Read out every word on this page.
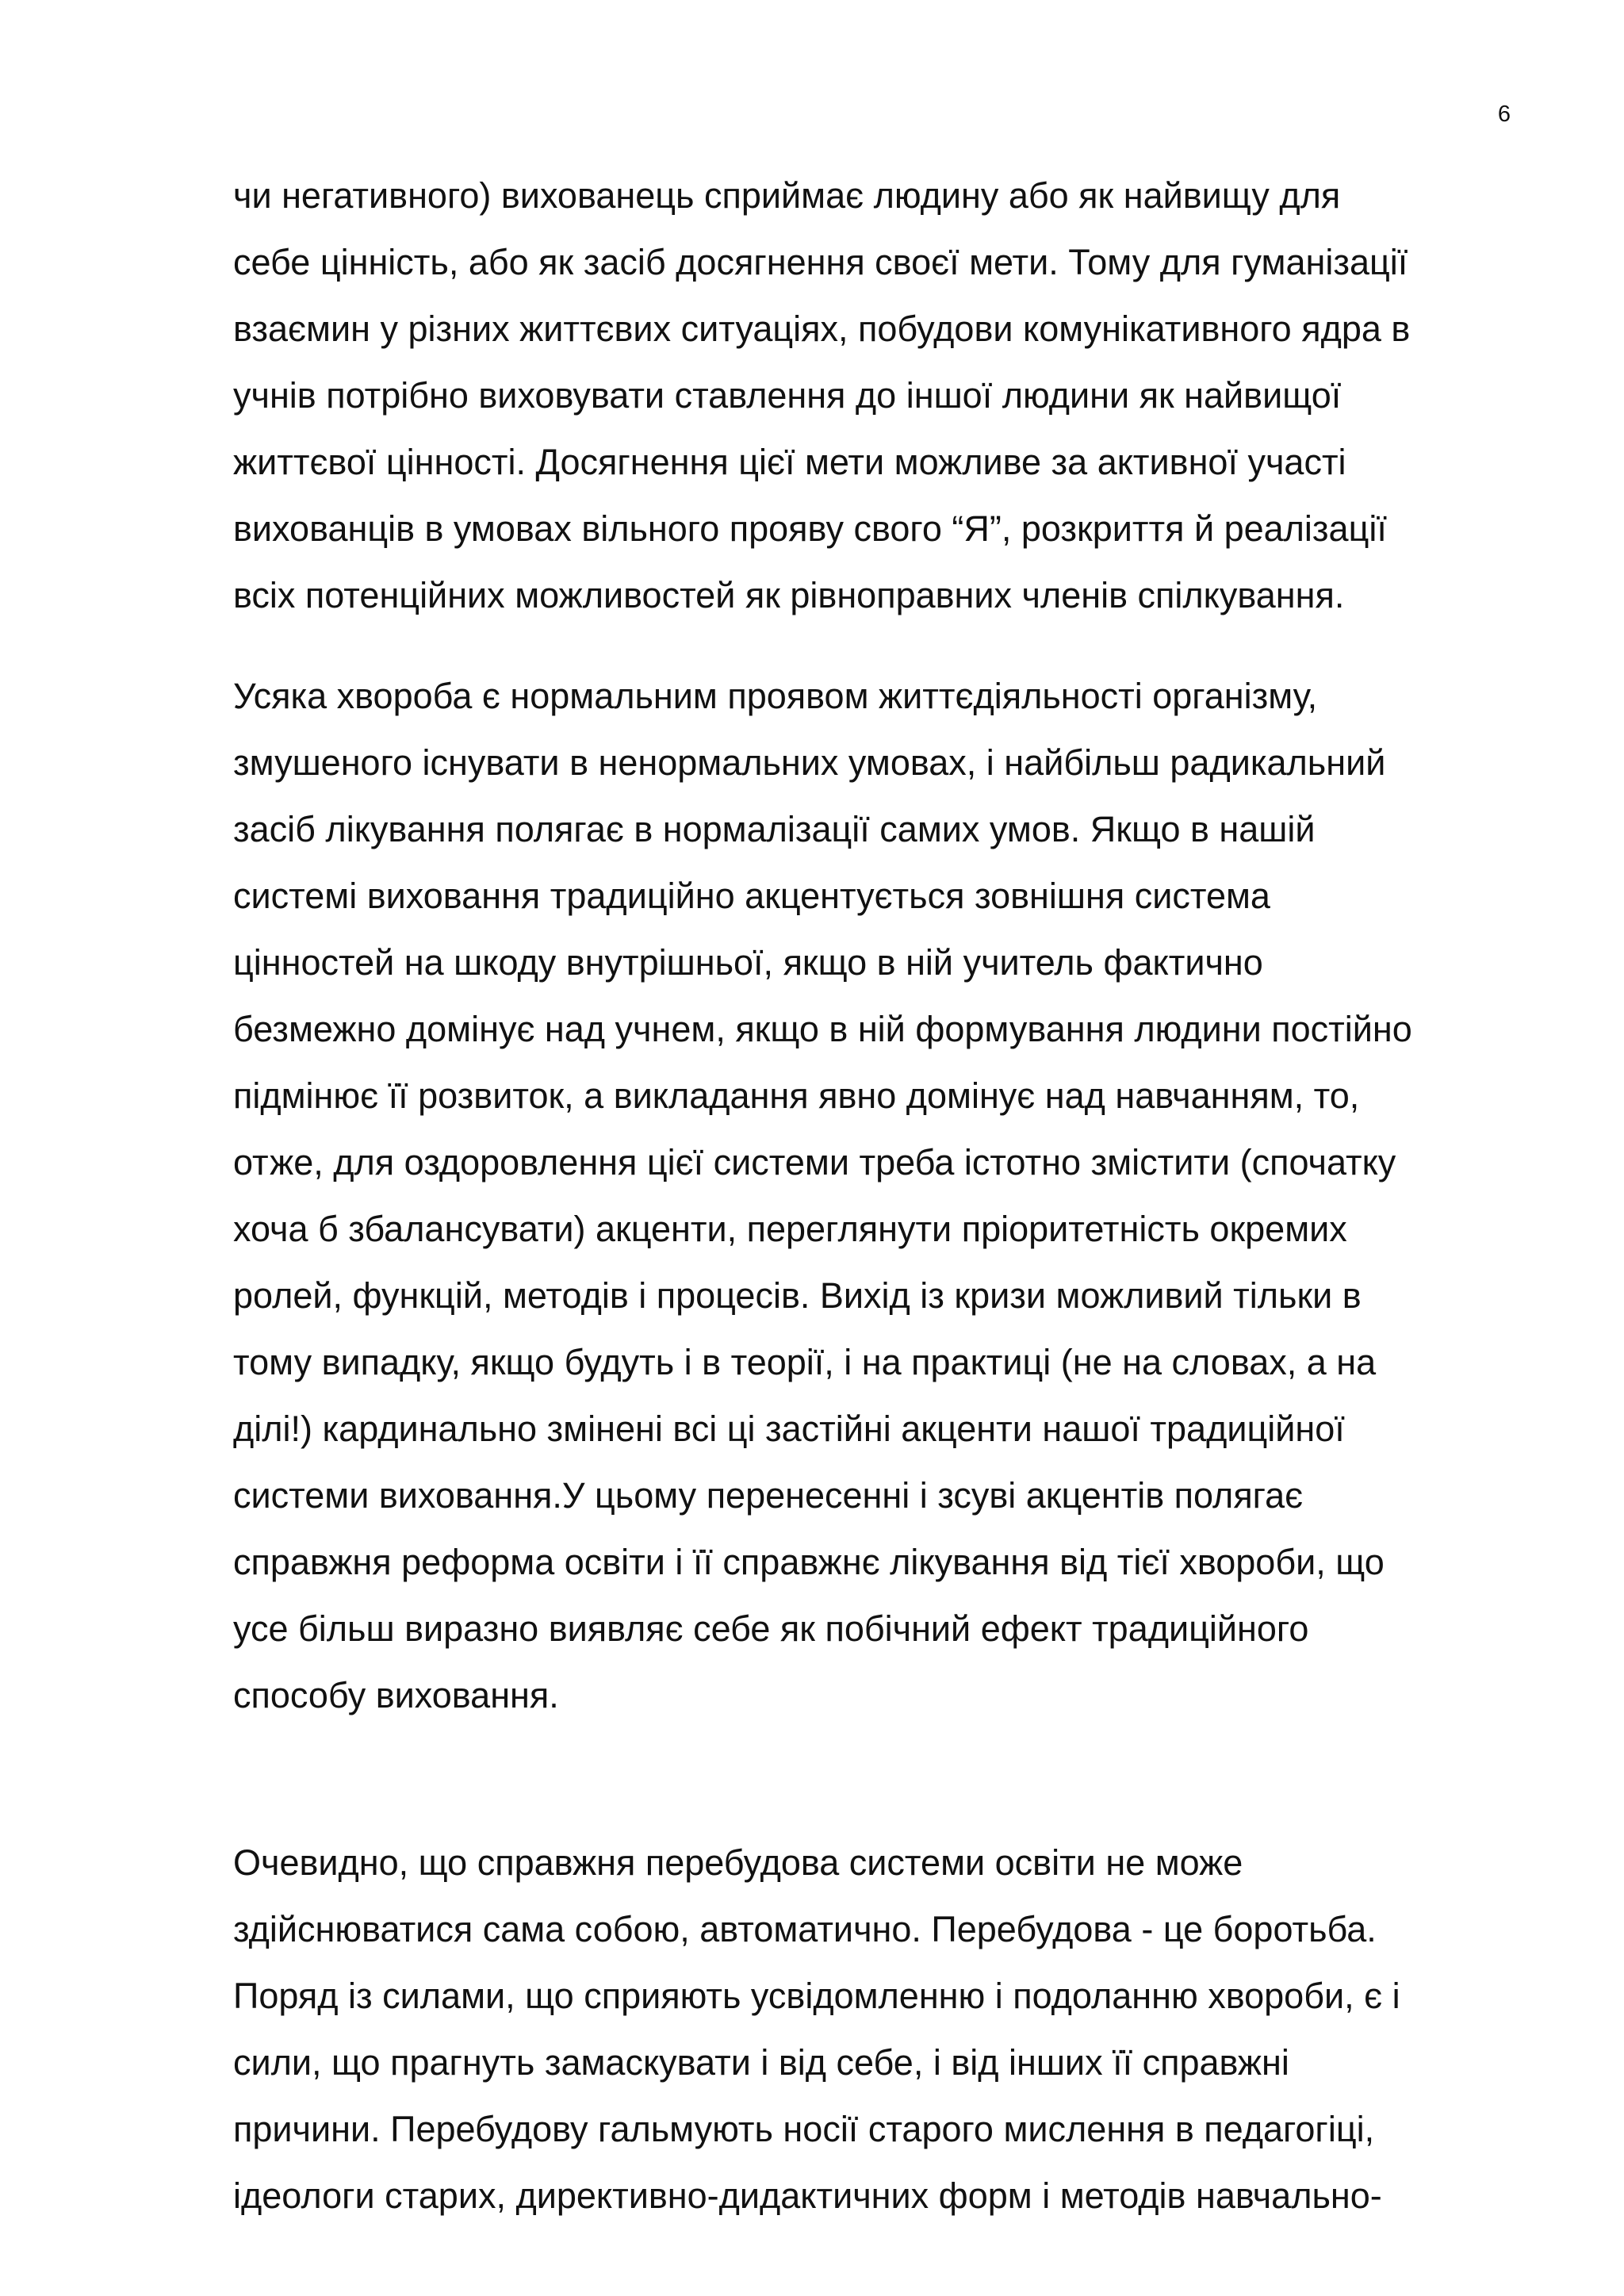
6
чи негативного) вихованець сприймає людину або як найвищу для
себе цінність, або як засіб досягнення своєї мети. Тому для гуманізації
взаємин у різних життєвих ситуаціях, побудови комунікативного ядра в
учнів потрібно виховувати ставлення до іншої людини як найвищої
життєвої цінності. Досягнення цієї мети можливе за активної участі
вихованців в умовах вільного прояву свого “Я”, розкриття й реалізації
всіх потенційних можливостей як рівноправних членів спілкування.
Усяка хвороба є нормальним проявом життєдіяльності організму,
змушеного існувати в ненормальних умовах, і найбільш радикальний
засіб лікування полягає в нормалізації самих умов. Якщо в нашій
системі виховання традиційно акцентується зовнішня система
цінностей на шкоду внутрішньої, якщо в ній учитель фактично
безмежно домінує над учнем, якщо в ній формування людини постійно
підмінює її розвиток, а викладання явно домінує над навчанням, то,
отже, для оздоровлення цієї системи треба істотно змістити (спочатку
хоча б збалансувати) акценти, переглянути пріоритетність окремих
ролей, функцій, методів і процесів. Вихід із кризи можливий тільки в
тому випадку, якщо будуть і в теорії, і на практиці (не на словах, а на
ділі!) кардинально змінені всі ці застійні акценти нашої традиційної
системи виховання.У цьому перенесенні і зсуві акцентів полягає
справжня реформа освіти і її справжнє лікування від тієї хвороби, що
усе більш виразно виявляє себе як побічний ефект традиційного
способу виховання.
Очевидно, що справжня перебудова системи освіти не може
здійснюватися сама собою, автоматично. Перебудова - це боротьба.
Поряд із силами, що сприяють усвідомленню і подоланню хвороби, є і
сили, що прагнуть замаскувати і від себе, і від інших її справжні
причини. Перебудову гальмують носії старого мислення в педагогіці,
ідеологи старих, директивно-дидактичних форм і методів навчально-
